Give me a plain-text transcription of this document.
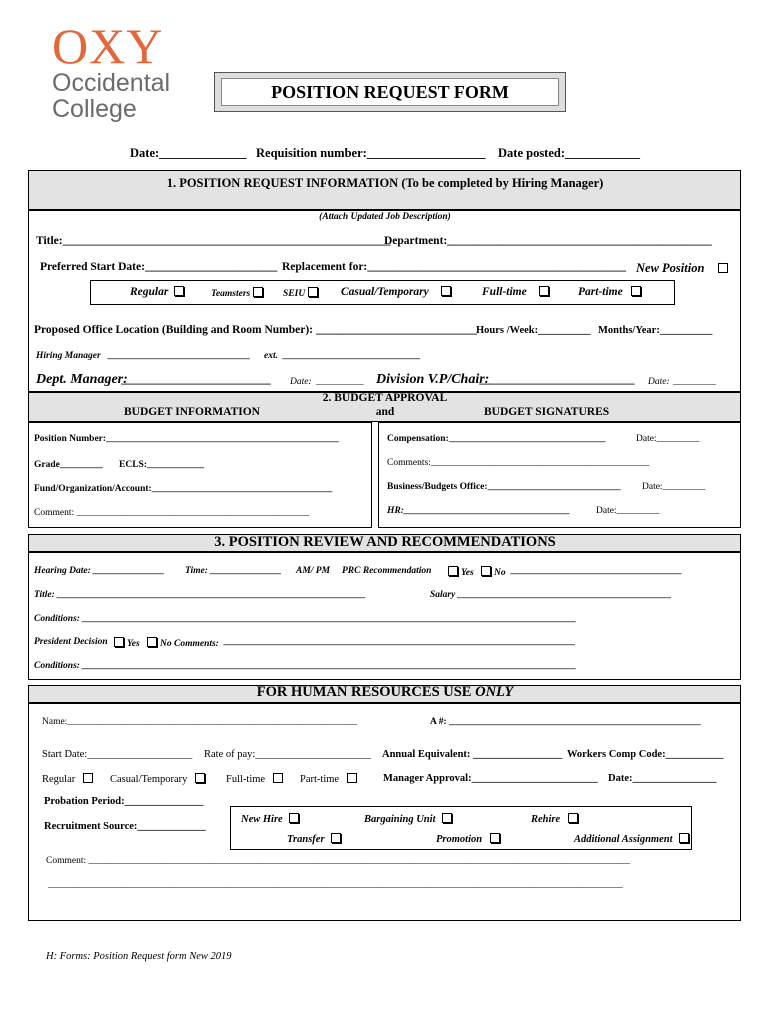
OXY
Occidental
College
POSITION REQUEST FORM
Date:______________ Requisition number:___________________ Date posted:____________
1. POSITION REQUEST INFORMATION (To be completed by Hiring Manager)
(Attach Updated Job Description)
Title:_________________________________________________________
Department:______________________________________________
Preferred Start Date:_______________________ Replacement for:_____________________________________________ New Position
Regular	Teamsters	SEIU	Casual/Temporary	Full-time	Part-time
Proposed Office Location (Building and Room Number): ____________________________ Hours /Week:__________ Months/Year:__________
Hiring Manager ______________________________ ext. _____________________________
Dept. Manager:
__________________________ Date: __________ Division V.P/Chair:
___________________________ Date: _________
2. BUDGET APPROVAL
and
BUDGET INFORMATION	BUDGET SIGNATURES
Position Number:_________________________________________________
Grade_________ ECLS:____________
Fund/Organization/Account:______________________________________
Comment: _________________________________________________
Compensation:_________________________________	Date:_________
Comments:______________________________________________
Business/Budgets Office:____________________________ Date:_________
HR:___________________________________	Date:_________
3. POSITION REVIEW AND RECOMMENDATIONS
Hearing Date: _______________ Time: _______________ AM/ PM PRC Recommendation	Yes	No ____________________________________
Title: _________________________________________________________________	Salary _____________________________________________
Conditions: ________________________________________________________________________________________________________
President Decision	Yes	No Comments: __________________________________________________________________________
Conditions: ________________________________________________________________________________________________________
FOR HUMAN RESOURCES USE ONLY
Name:_____________________________________________________________	A #: _____________________________________________________
Start Date:____________________ Rate of pay:______________________ Annual Equivalent: _________________ Workers Comp Code:___________
Regular	Casual/Temporary	Full-time	Part-time	Manager Approval:________________________ Date:________________
Probation Period:_______________
Recruitment Source:_____________
New Hire	Bargaining Unit	Rehire
Transfer	Promotion	Additional Assignment
Comment: __________________________________________________________________________________________________________________
_________________________________________________________________________________________________________________________
H: Forms: Position Request form New 2019
